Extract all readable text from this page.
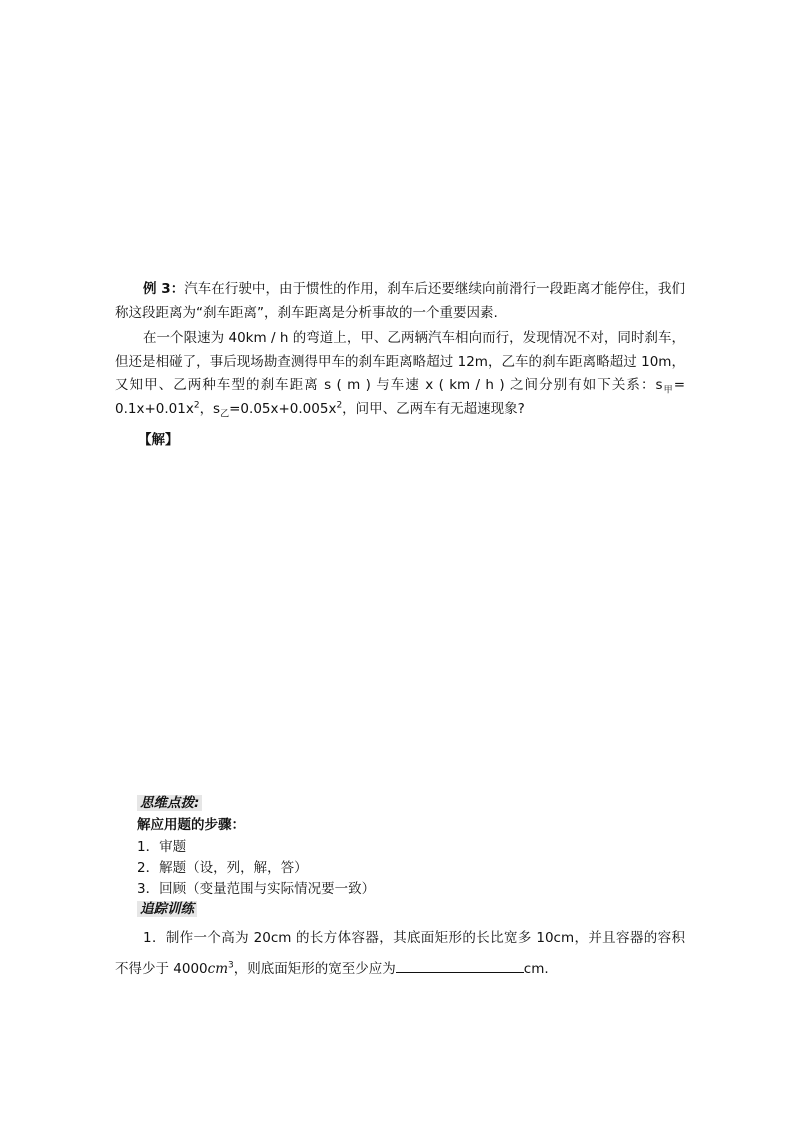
例 3：汽车在行驶中，由于惯性的作用，刹车后还要继续向前滑行一段距离才能停住，我们称这段距离为“刹车距离”，刹车距离是分析事故的一个重要因素.

在一个限速为 40km / h 的弯道上，甲、乙两辆汽车相向而行，发现情况不对，同时刹车，但还是相碰了，事后现场勘查测得甲车的刹车距离略超过 12m，乙车的刹车距离略超过 10m，又知甲、乙两种车型的刹车距离 s ( m ) 与车速 x ( km / h ) 之间分别有如下关系：$s_甲= 0.1x+0.01x^2$，$s_乙=0.05x+0.005x^2$，问甲、乙两车有无超速现象?

【解】
思维点拨:
解应用题的步骤：
1．审题
2．解题（设，列，解，答）
3．回顾（变量范围与实际情况要一致）
追踪训练

1．制作一个高为 20cm 的长方体容器，其底面矩形的长比宽多 10cm，并且容器的容积不得少于 $4000cm^3$，则底面矩形的宽至少应为	cm.
